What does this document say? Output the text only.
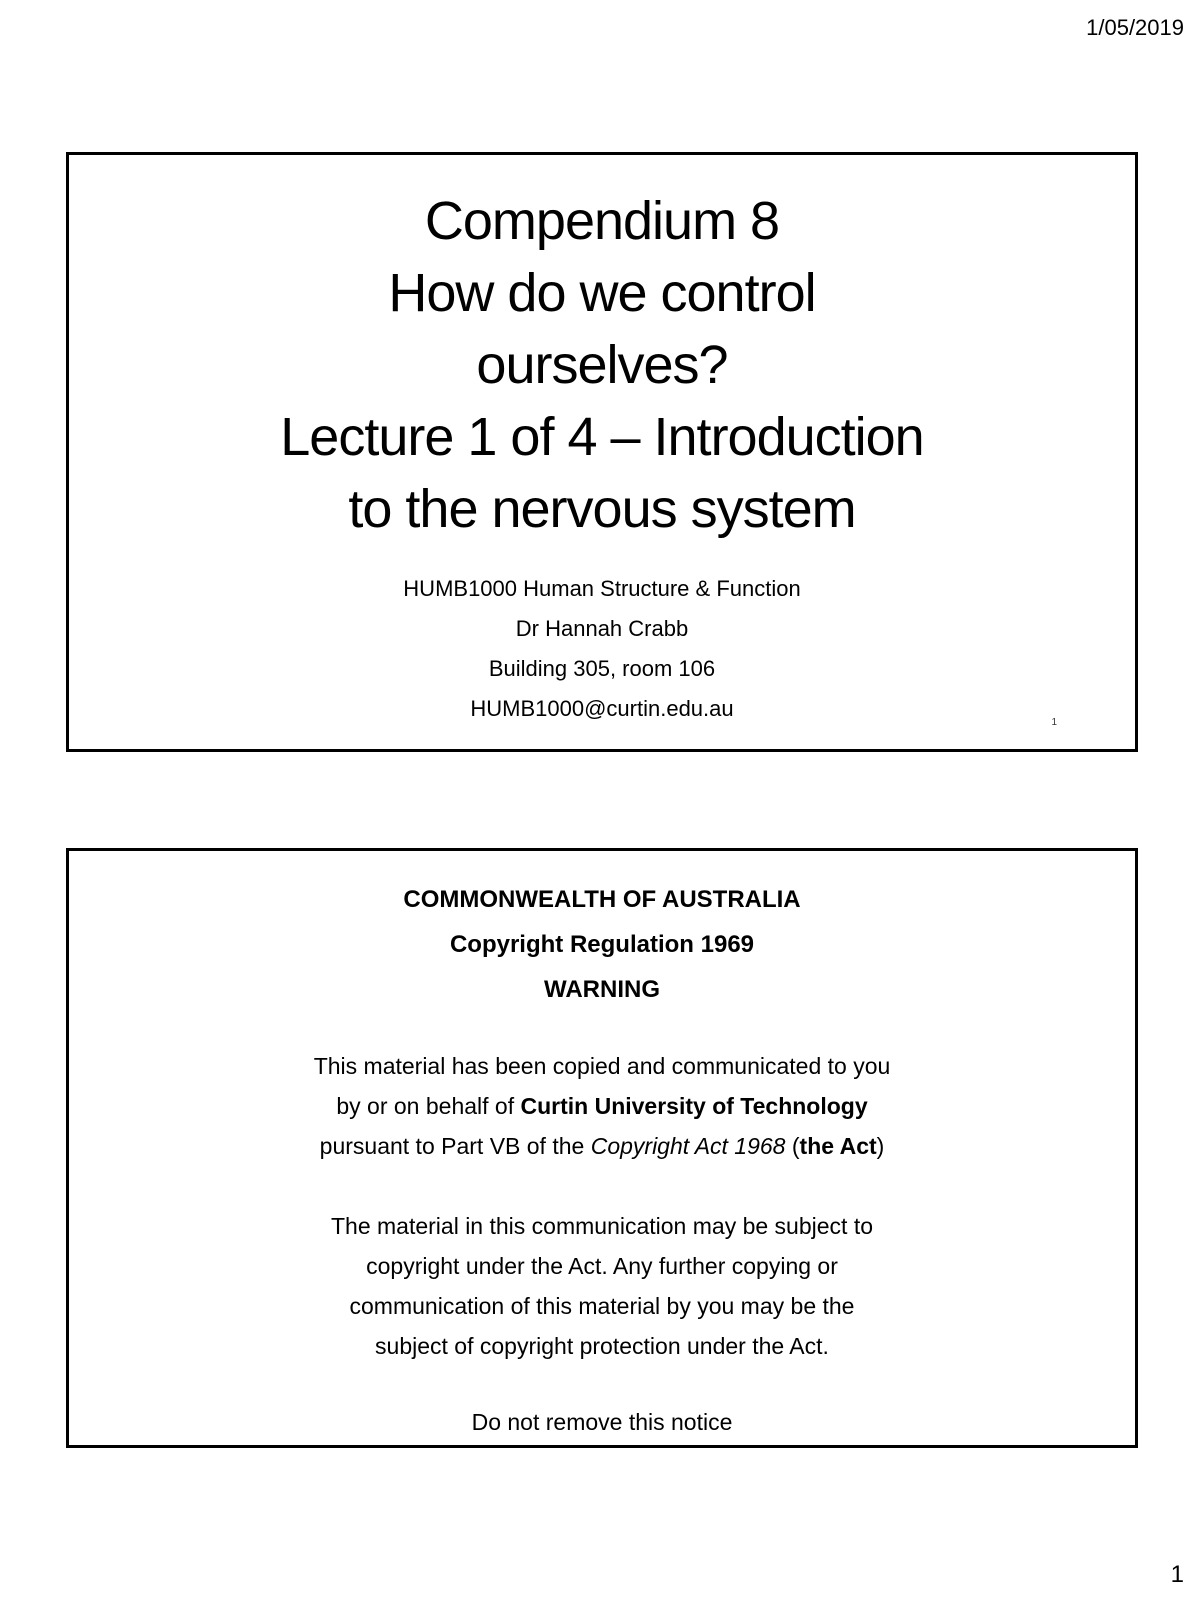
1/05/2019
Compendium 8
How do we control
ourselves?
Lecture 1 of 4 – Introduction
to the nervous system
HUMB1000 Human Structure & Function
Dr Hannah Crabb
Building 305, room 106
HUMB1000@curtin.edu.au
1
COMMONWEALTH OF AUSTRALIA
Copyright Regulation 1969
WARNING
This material has been copied and communicated to you
by or on behalf of Curtin University of Technology
pursuant to Part VB of the Copyright Act 1968 (the Act)
The material in this communication may be subject to
copyright under the Act. Any further copying or
communication of this material by you may be the
subject of copyright protection under the Act.
Do not remove this notice
1
